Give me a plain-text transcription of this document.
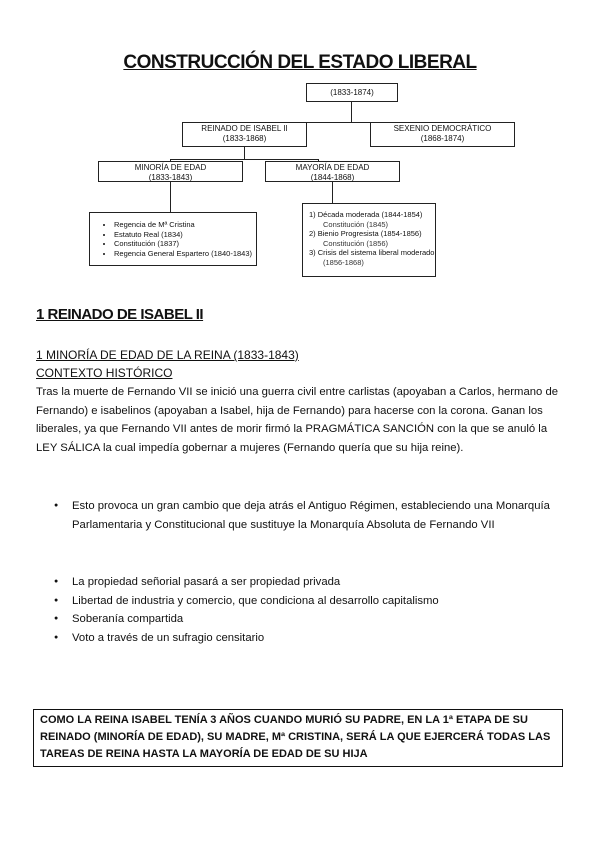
CONSTRUCCIÓN DEL ESTADO LIBERAL
(1833-1874)
REINADO DE ISABEL II
(1833-1868)
SEXENIO DEMOCRÁTICO
(1868-1874)
MINORÍA DE EDAD
(1833-1843)
MAYORÍA DE EDAD
(1844-1868)
• Regencia de Mª Cristina
• Estatuto Real (1834)
• Constitución (1837)
• Regencia General Espartero (1840-1843)
1) Década moderada (1844-1854)
Constitución (1845)
2) Bienio Progresista (1854-1856)
Constitución (1856)
3) Crisis del sistema liberal moderado
(1856-1868)
1 REINADO DE ISABEL II
1 MINORÍA DE EDAD DE LA REINA (1833-1843)
CONTEXTO HISTÓRICO
Tras la muerte de Fernando VII se inició una guerra civil entre carlistas (apoyaban a Carlos, hermano de Fernando) e isabelinos (apoyaban a Isabel, hija de Fernando) para hacerse con la corona. Ganan los liberales, ya que Fernando VII antes de morir firmó la PRAGMÁTICA SANCIÓN con la que se anuló la LEY SÁLICA la cual impedía gobernar a mujeres (Fernando quería que su hija reine).
● Esto provoca un gran cambio que deja atrás el Antiguo Régimen, estableciendo una Monarquía Parlamentaria y Constitucional que sustituye la Monarquía Absoluta de Fernando VII
● La propiedad señorial pasará a ser propiedad privada
● Libertad de industria y comercio, que condiciona al desarrollo capitalismo
● Soberanía compartida
● Voto a través de un sufragio censitario
COMO LA REINA ISABEL TENÍA 3 AÑOS CUANDO MURIÓ SU PADRE, EN LA 1ª ETAPA DE SU REINADO (MINORÍA DE EDAD), SU MADRE, Mª CRISTINA, SERÁ LA QUE EJERCERÁ TODAS LAS TAREAS DE REINA HASTA LA MAYORÍA DE EDAD DE SU HIJA
